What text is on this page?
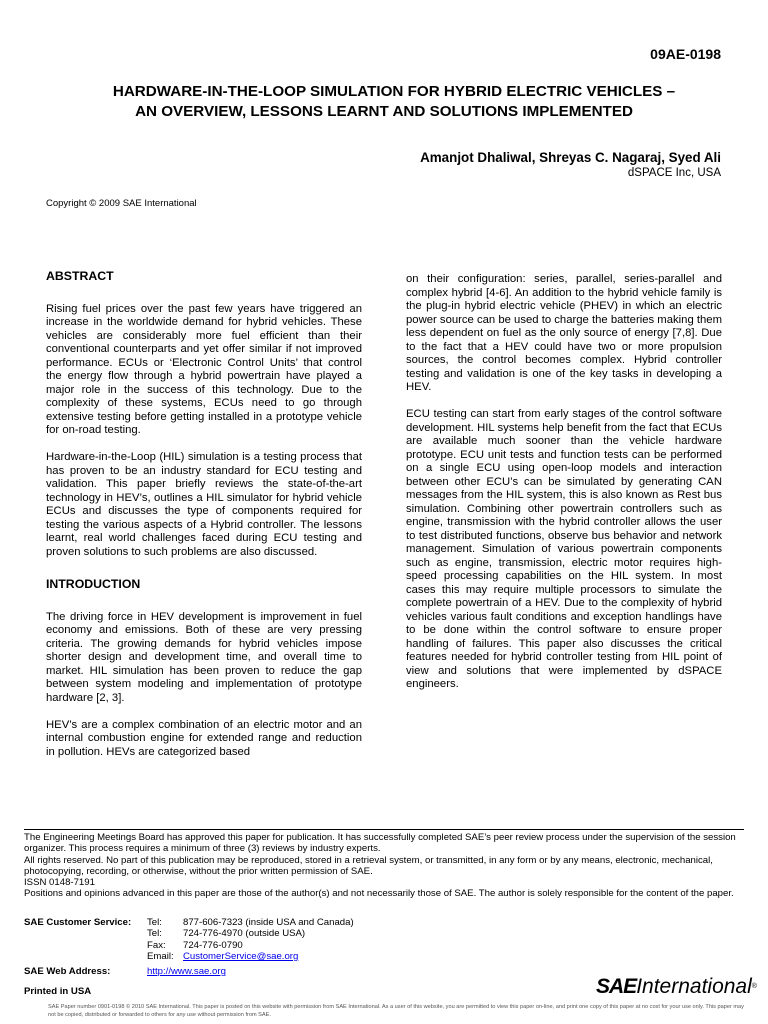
09AE-0198
HARDWARE-IN-THE-LOOP SIMULATION FOR HYBRID ELECTRIC VEHICLES –
AN OVERVIEW, LESSONS LEARNT AND SOLUTIONS IMPLEMENTED
Amanjot Dhaliwal, Shreyas C. Nagaraj, Syed Ali
dSPACE Inc, USA
Copyright © 2009 SAE International
ABSTRACT

Rising fuel prices over the past few years have triggered an increase in the worldwide demand for hybrid vehicles. These vehicles are considerably more fuel efficient than their conventional counterparts and yet offer similar if not improved performance. ECUs or ‘Electronic Control Units’ that control the energy flow through a hybrid powertrain have played a major role in the success of this technology. Due to the complexity of these systems, ECUs need to go through extensive testing before getting installed in a prototype vehicle for on-road testing.

Hardware-in-the-Loop (HIL) simulation is a testing process that has proven to be an industry standard for ECU testing and validation. This paper briefly reviews the state-of-the-art technology in HEV’s, outlines a HIL simulator for hybrid vehicle ECUs and discusses the type of components required for testing the various aspects of a Hybrid controller. The lessons learnt, real world challenges faced during ECU testing and proven solutions to such problems are also discussed.

INTRODUCTION

The driving force in HEV development is improvement in fuel economy and emissions. Both of these are very pressing criteria. The growing demands for hybrid vehicles impose shorter design and development time, and overall time to market. HIL simulation has been proven to reduce the gap between system modeling and implementation of prototype hardware [2, 3].

HEV’s are a complex combination of an electric motor and an internal combustion engine for extended range and reduction in pollution. HEVs are categorized based

on their configuration: series, parallel, series-parallel and complex hybrid [4-6]. An addition to the hybrid vehicle family is the plug-in hybrid electric vehicle (PHEV) in which an electric power source can be used to charge the batteries making them less dependent on fuel as the only source of energy [7,8]. Due to the fact that a HEV could have two or more propulsion sources, the control becomes complex. Hybrid controller testing and validation is one of the key tasks in developing a HEV.

ECU testing can start from early stages of the control software development. HIL systems help benefit from the fact that ECUs are available much sooner than the vehicle hardware prototype. ECU unit tests and function tests can be performed on a single ECU using open-loop models and interaction between other ECU’s can be simulated by generating CAN messages from the HIL system, this is also known as Rest bus simulation. Combining other powertrain controllers such as engine, transmission with the hybrid controller allows the user to test distributed functions, observe bus behavior and network management. Simulation of various powertrain components such as engine, transmission, electric motor requires high-speed processing capabilities on the HIL system. In most cases this may require multiple processors to simulate the complete powertrain of a HEV. Due to the complexity of hybrid vehicles various fault conditions and exception handlings have to be done within the control software to ensure proper handling of failures. This paper also discusses the critical features needed for hybrid controller testing from HIL point of view and solutions that were implemented by dSPACE engineers.

The Engineering Meetings Board has approved this paper for publication. It has successfully completed SAE’s peer review process under the supervision of the session organizer. This process requires a minimum of three (3) reviews by industry experts.

All rights reserved. No part of this publication may be reproduced, stored in a retrieval system, or transmitted, in any form or by any means, electronic, mechanical, photocopying, recording, or otherwise, without the prior written permission of SAE.

ISSN 0148-7191

Positions and opinions advanced in this paper are those of the author(s) and not necessarily those of SAE. The author is solely responsible for the content of the paper.

SAE Customer Service: Tel: 877-606-7323 (inside USA and Canada)
Tel: 724-776-4970 (outside USA)
Fax: 724-776-0790
Email: CustomerService@sae.org
SAE Web Address:	http://www.sae.org
Printed in USA	SAEInternational®
SAE Paper number 0901-0198 © 2010 SAE International. This paper is posted on this website with permission from SAE International. As a user of this website, you are permitted to view this paper on-line, and print one copy of this paper at no cost for your use only. This paper may not be copied, distributed or forwarded to others for any use without permission from SAE.
